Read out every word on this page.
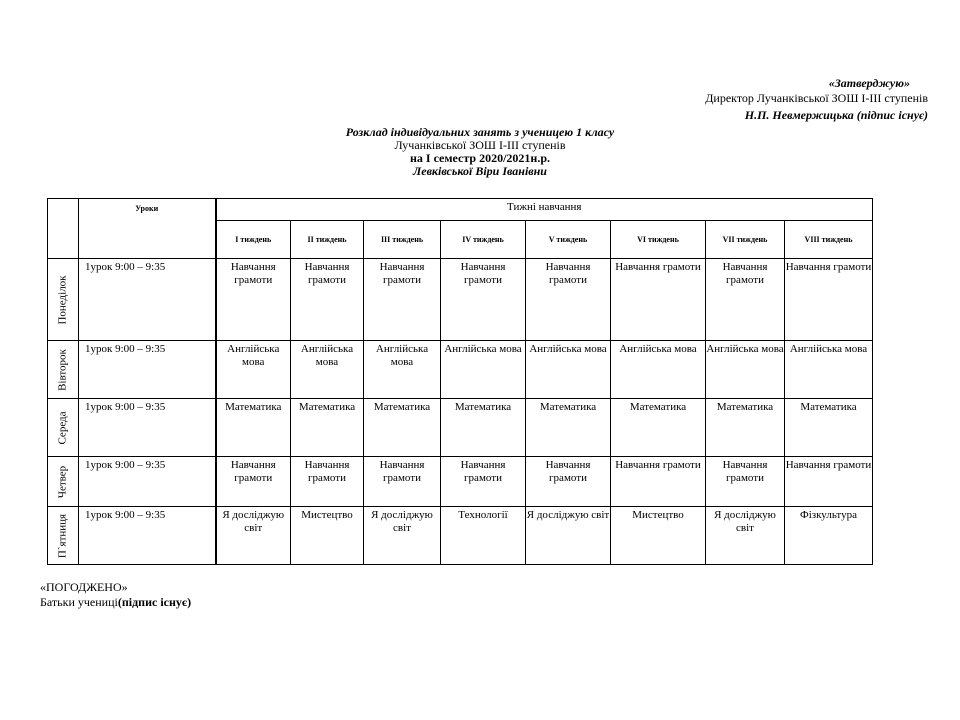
«Затверджую»
Директор Лучанківської ЗОШ І-ІІІ ступенів
Н.П. Невмержицька (підпис існує)
Розклад індивідуальних занять з ученицею 1 класу
Лучанківської ЗОШ І-ІІІ ступенів
на І семестр 2020/2021н.р.
Левківської Віри Іванівни
	Уроки	Тижні навчання							
		І тиждень	ІІ тиждень	ІІІ тиждень	ІV тиждень	V тиждень	VІ тиждень	VІІ тиждень	VІІІ тиждень

Понеділок	1урок 9:00 – 9:35	Навчання грамоти	Навчання грамоти	Навчання грамоти	Навчання грамоти	Навчання грамоти	Навчання грамоти	Навчання грамоти	Навчання грамоти

Вівторок	1урок 9:00 – 9:35	Англійська мова	Англійська мова	Англійська мова	Англійська мова	Англійська мова	Англійська мова	Англійська мова	Англійська мова

Середа	1урок 9:00 – 9:35	Математика	Математика	Математика	Математика	Математика	Математика	Математика	Математика

Четвер	1урок 9:00 – 9:35	Навчання грамоти	Навчання грамоти	Навчання грамоти	Навчання грамоти	Навчання грамоти	Навчання грамоти	Навчання грамоти	Навчання грамоти

П`ятниця	1урок 9:00 – 9:35	Я досліджую світ	Мистецтво	Я досліджую світ	Технології	Я досліджую світ	Мистецтво	Я досліджую світ	Фізкультура
«ПОГОДЖЕНО»
Батьки учениці(підпис існує)
